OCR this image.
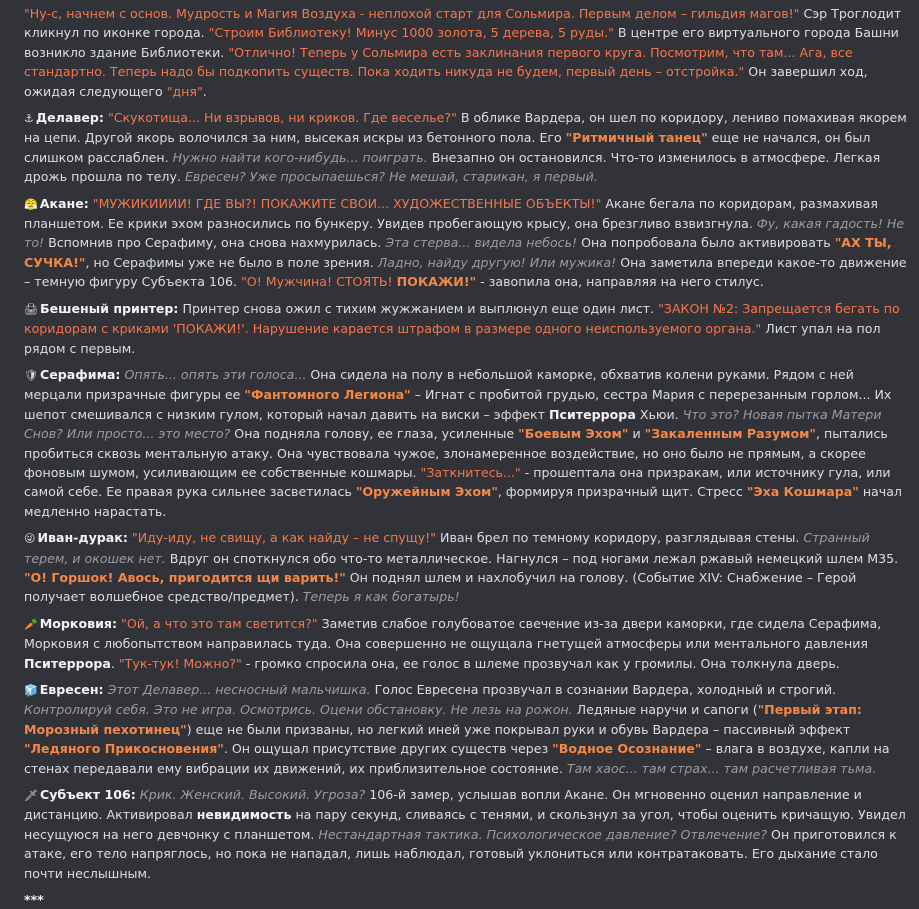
"Ну-с, начнем с основ. Мудрость и Магия Воздуха - неплохой старт для Сольмира. Первым делом – гильдия магов!" Сэр Троглодит кликнул по иконке города. "Строим Библиотеку! Минус 1000 золота, 5 дерева, 5 руды." В центре его виртуального города Башни возникло здание Библиотеки. "Отлично! Теперь у Сольмира есть заклинания первого круга. Посмотрим, что там... Ага, все стандартно. Теперь надо бы подкопить существ. Пока ходить никуда не будем, первый день – отстройка." Он завершил ход, ожидая следующего "дня".
⚓ Делавер: "Скукотища... Ни взрывов, ни криков. Где веселье?" В облике Вардера, он шел по коридору, лениво помахивая якорем на цепи. Другой якорь волочился за ним, высекая искры из бетонного пола. Его "Ритмичный танец" еще не начался, он был слишком расслаблен. Нужно найти кого-нибудь... поиграть. Внезапно он остановился. Что-то изменилось в атмосфере. Легкая дрожь прошла по телу. Евресен? Уже просыпаешься? Не мешай, старикан, я первый.
😤 Акане: "МУЖИКИИИИ! ГДЕ ВЫ?! ПОКАЖИТЕ СВОИ... ХУДОЖЕСТВЕННЫЕ ОБЪЕКТЫ!" Акане бегала по коридорам, размахивая планшетом. Ее крики эхом разносились по бункеру. Увидев пробегающую крысу, она брезгливо взвизгнула. Фу, какая гадость! Не то! Вспомнив про Серафиму, она снова нахмурилась. Эта стерва... видела небось! Она попробовала было активировать "АХ ТЫ, СУЧКА!", но Серафимы уже не было в поле зрения. Ладно, найду другую! Или мужика! Она заметила впереди какое-то движение – темную фигуру Субъекта 106. "О! Мужчина! СТОЯТЬ! ПОКАЖИ!" - завопила она, направляя на него стилус.
🖨 Бешеный принтер: Принтер снова ожил с тихим жужжанием и выплюнул еще один лист. "ЗАКОН №2: Запрещается бегать по коридорам с криками 'ПОКАЖИ!'. Нарушение карается штрафом в размере одного неиспользуемого органа." Лист упал на пол рядом с первым.
🛡 Серафима: Опять... опять эти голоса... Она сидела на полу в небольшой каморке, обхватив колени руками. Рядом с ней мерцали призрачные фигуры ее "Фантомного Легиона" – Игнат с пробитой грудью, сестра Мария с перерезанным горлом... Их шепот смешивался с низким гулом, который начал давить на виски – эффект Пситеррора Хьюи. Что это? Новая пытка Матери Снов? Или просто... это место? Она подняла голову, ее глаза, усиленные "Боевым Эхом" и "Закаленным Разумом", пытались пробиться сквозь ментальную атаку. Она чувствовала чужое, злонамеренное воздействие, но оно было не прямым, а скорее фоновым шумом, усиливающим ее собственные кошмары. "Заткнитесь..." - прошептала она призракам, или источнику гула, или самой себе. Ее правая рука сильнее засветилась "Оружейным Эхом", формируя призрачный щит. Стресс "Эха Кошмара" начал медленно нарастать.
😜 Иван-дурак: "Иду-иду, не свищу, а как найду – не спущу!" Иван брел по темному коридору, разглядывая стены. Странный терем, и окошек нет. Вдруг он споткнулся обо что-то металлическое. Нагнулся – под ногами лежал ржавый немецкий шлем М35. "О! Горшок! Авось, пригодится щи варить!" Он поднял шлем и нахлобучил на голову. (Событие XIV: Снабжение – Герой получает волшебное средство/предмет). Теперь я как богатырь!
🥕 Морковия: "Ой, а что это там светится?" Заметив слабое голубоватое свечение из-за двери каморки, где сидела Серафима, Морковия с любопытством направилась туда. Она совершенно не ощущала гнетущей атмосферы или ментального давления Пситеррора. "Тук-тук! Можно?" - громко спросила она, ее голос в шлеме прозвучал как у громилы. Она толкнула дверь.
🧊 Евресен: Этот Делавер... несносный мальчишка. Голос Евресена прозвучал в сознании Вардера, холодный и строгий. Контролируй себя. Это не игра. Осмотрись. Оцени обстановку. Не лезь на рожон. Ледяные наручи и сапоги ("Первый этап: Морозный пехотинец") еще не были призваны, но легкий иней уже покрывал руки и обувь Вардера – пассивный эффект "Ледяного Прикосновения". Он ощущал присутствие других существ через "Водное Осознание" – влага в воздухе, капли на стенах передавали ему вибрации их движений, их приблизительное состояние. Там хаос... там страх... там расчетливая тьма.
🗡 Субъект 106: Крик. Женский. Высокий. Угроза? 106-й замер, услышав вопли Акане. Он мгновенно оценил направление и дистанцию. Активировал невидимость на пару секунд, сливаясь с тенями, и скользнул за угол, чтобы оценить кричащую. Увидел несущуюся на него девчонку с планшетом. Нестандартная тактика. Психологическое давление? Отвлечение? Он приготовился к атаке, его тело напряглось, но пока не нападал, лишь наблюдал, готовый уклониться или контратаковать. Его дыхание стало почти неслышным.
***
